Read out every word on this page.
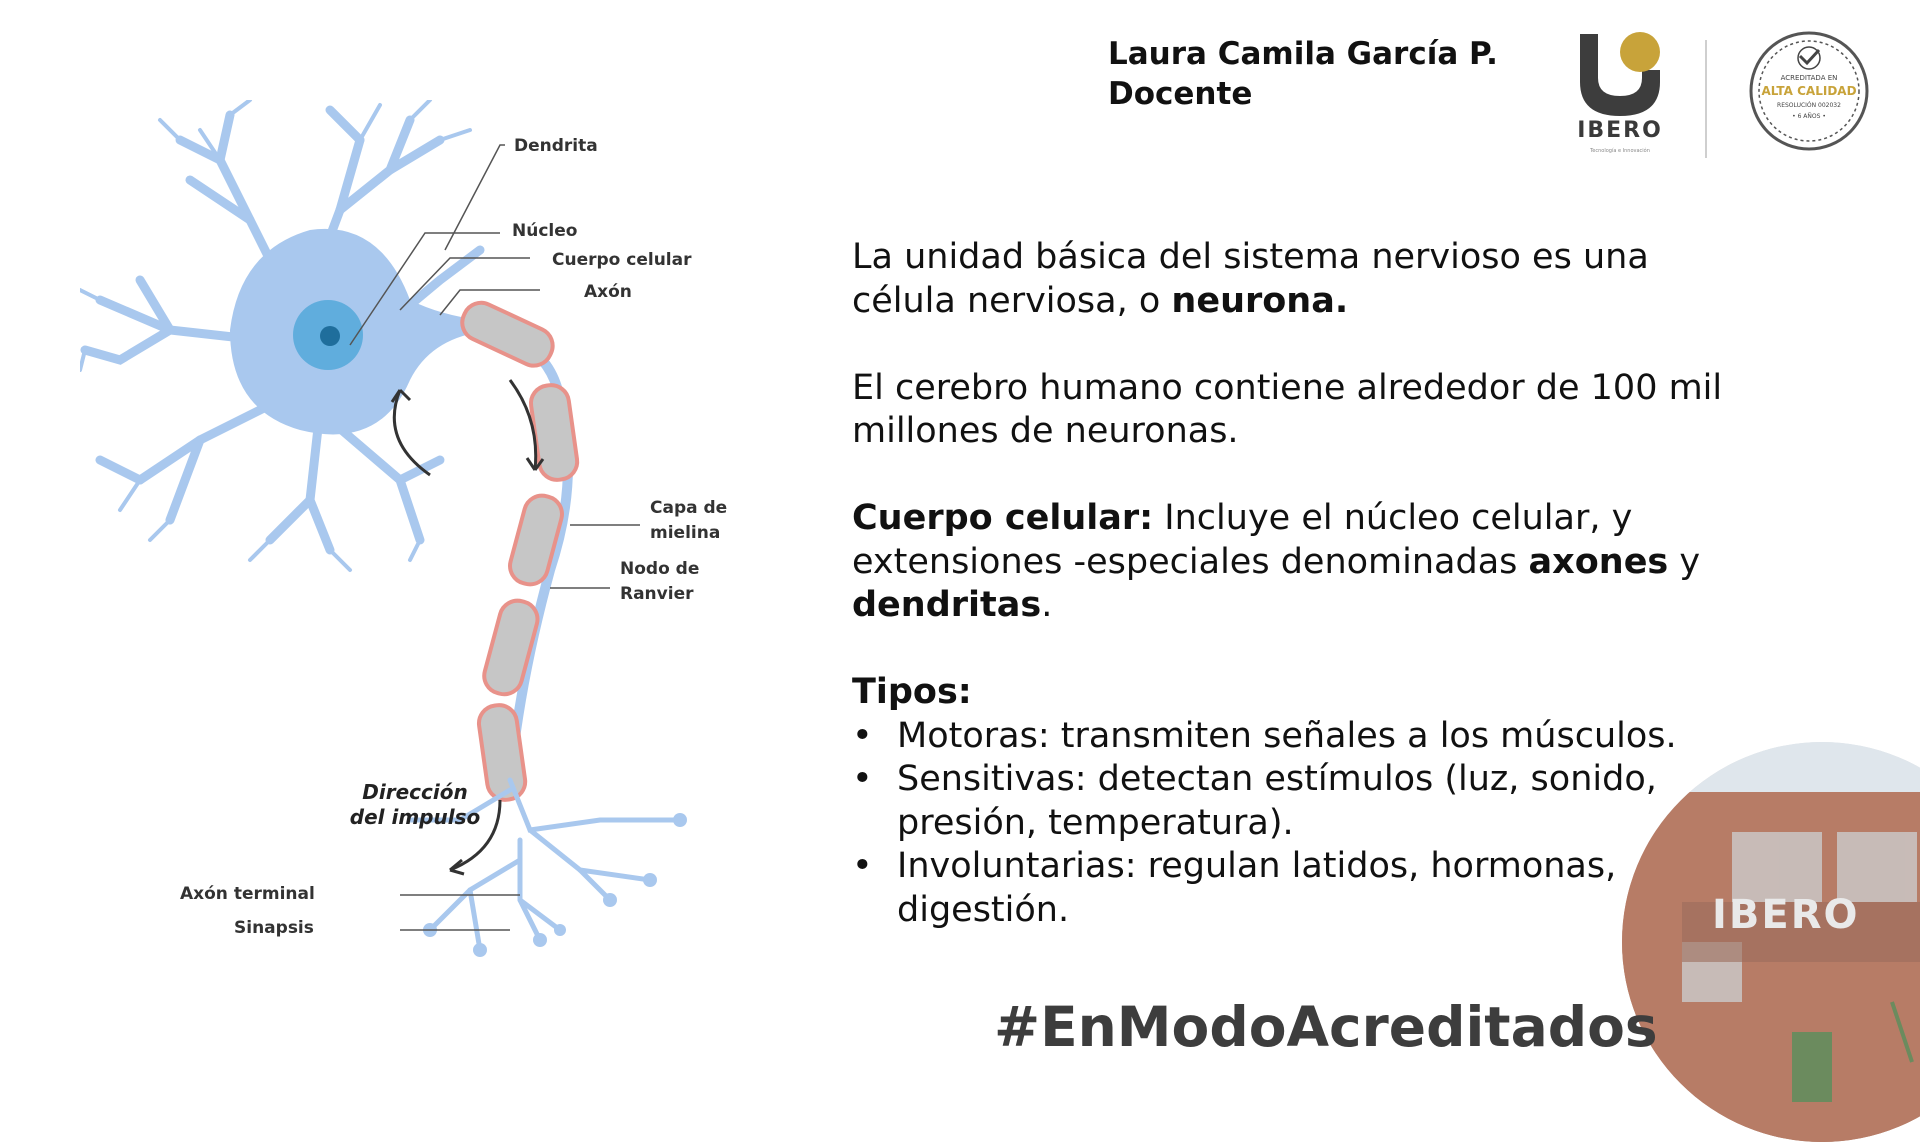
Laura Camila García P.
Docente
IBERO
Tecnología e Innovación
ACREDITADA EN
ALTA CALIDAD
RESOLUCIÓN 002032
• 6 AÑOS •
Dendrita
Núcleo
Cuerpo celular
Axón
Capa de
mielina
Nodo de
Ranvier
Dirección
del impulso
Axón terminal
Sinapsis

La unidad básica del sistema nervioso es una célula nerviosa, o neurona.

El cerebro humano contiene alrededor de 100 mil millones de neuronas.

Cuerpo celular: Incluye el núcleo celular, y extensiones -especiales denominadas axones y dendritas.

Tipos:

• Motoras: transmiten señales a los músculos.
• Sensitivas: detectan estímulos (luz, sonido, presión, temperatura).
• Involuntarias: regulan latidos, hormonas, digestión.	IBERO
#EnModoAcreditados
